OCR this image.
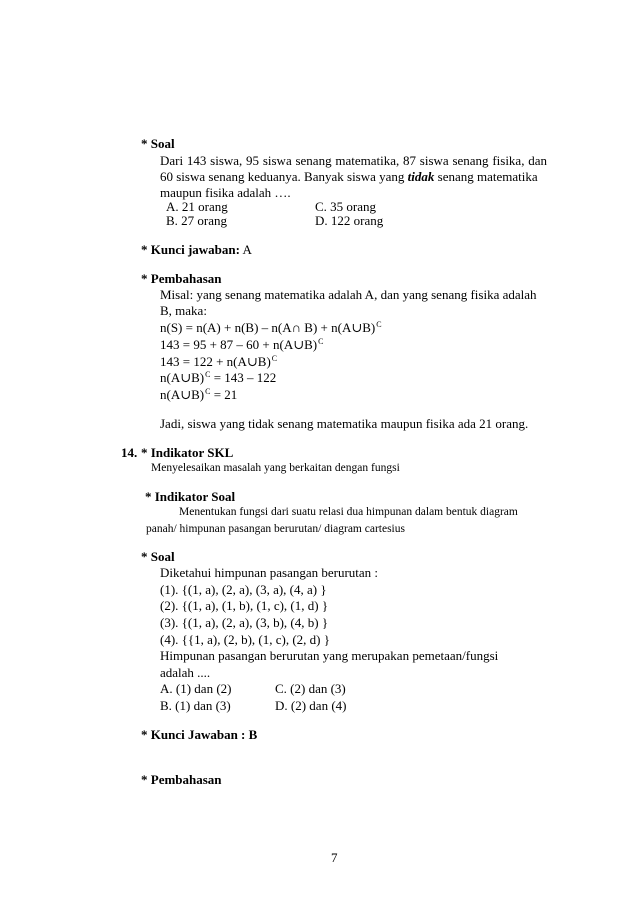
* Soal
Dari 143 siswa, 95 siswa senang matematika, 87 siswa senang fisika, dan
60 siswa senang keduanya. Banyak siswa yang tidak senang matematika
maupun fisika adalah ….
A. 21 orang	C. 35 orang
B. 27 orang	D. 122 orang
* Kunci jawaban: A
* Pembahasan
Misal: yang senang matematika adalah A, dan yang senang fisika adalah
B, maka:
n(S) = n(A) + n(B) – n(A∩ B) + n(A∪B)$^C$
143 = 95 + 87 – 60 + n(A∪B)$^C$
143 = 122 + n(A∪B)$^C$
n(A∪B)$^C$ = 143 – 122
n(A∪B)$^C$ = 21
Jadi, siswa yang tidak senang matematika maupun fisika ada 21 orang.
14. * Indikator SKL
Menyelesaikan masalah yang berkaitan dengan fungsi
* Indikator Soal
Menentukan fungsi dari suatu relasi dua himpunan dalam bentuk diagram
panah/ himpunan pasangan berurutan/ diagram cartesius
* Soal
Diketahui himpunan pasangan berurutan :
(1). {(1, a), (2, a), (3, a), (4, a) }
(2). {(1, a), (1, b), (1, c), (1, d) }
(3). {(1, a), (2, a), (3, b), (4, b) }
(4). {{1, a), (2, b), (1, c), (2, d) }
Himpunan pasangan berurutan yang merupakan pemetaan/fungsi
adalah ....
A. (1) dan (2)	C. (2) dan (3)
B. (1) dan (3)	D. (2) dan (4)
* Kunci Jawaban : B
* Pembahasan
7
